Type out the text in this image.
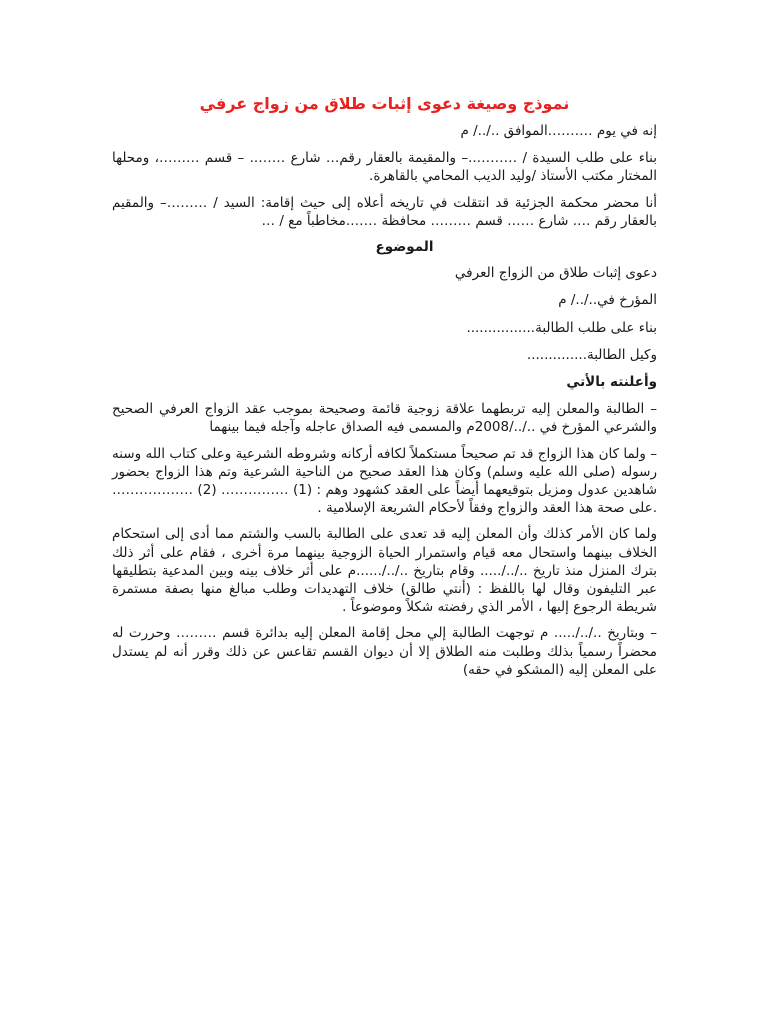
نموذج وصيغة دعوى إثبات طلاق من زواج عرفي
إنه في يوم ……….الموافق ../../ م
بناء على طلب السيدة / ………..– والمقيمة بالعقار رقم… شارع …….. – قسم ………، ومحلها المختار مكتب الأستاذ /وليد الديب المحامي بالقاهرة.
أنا محضر محكمة الجزئية قد انتقلت في تاريخه أعلاه إلى حيث إقامة: السيد / ………– والمقيم بالعقار رقم …. شارع …… قسم ……… محافظة …….مخاطباً مع / …
الموضوع
دعوى إثبات طلاق من الزواج العرفي
المؤرخ في../../ م
بناء على طلب الطالبة................
وكيل الطالبة..............
وأعلنته بالأتي
– الطالبة والمعلن إليه تربطهما علاقة زوجية قائمة وصحيحة بموجب عقد الزواج العرفي الصحيح والشرعي المؤرخ في ../../2008م والمسمى فيه الصداق عاجله وآجله فيما بينهما
– ولما كان هذا الزواج قد تم صحيحاً مستكملاً لكافه أركانه وشروطه الشرعية وعلى كتاب الله وسنه رسوله (صلى الله عليه وسلم) وكان هذا العقد صحيح من الناحية الشرعية وتم هذا الزواج بحضور شاهدين عدول ومزيل بتوقيعهما أيضاً على العقد كشهود وهم : (1) …………… (2) ……………… .على صحة هذا العقد والزواج وفقاً لأحكام الشريعة الإسلامية .
ولما كان الأمر كذلك وأن المعلن إليه قد تعدى على الطالبة بالسب والشتم مما أدى إلى استحكام الخلاف بينهما واستحال معه قيام واستمرار الحياة الزوجية بينهما مرة أخرى ، فقام على أثر ذلك بترك المنزل منذ تاريخ ../../..... وقام بتاريخ ../../......م على أثر خلاف بينه وبين المدعية بتطليقها عبر التليفون وقال لها باللفظ : (أنتي طالق) خلاف التهديدات وطلب مبالغ منها بصفة مستمرة شريطة الرجوع إليها ، الأمر الذي رفضته شكلاً وموضوعاً .
– وبتاريخ ../../..... م توجهت الطالبة إلي محل إقامة المعلن إليه بدائرة قسم ……… وحررت له محضراً رسمياً بذلك وطلبت منه الطلاق إلا أن ديوان القسم تقاعس عن ذلك وقرر أنه لم يستدل على المعلن إليه (المشكو في حقه)
